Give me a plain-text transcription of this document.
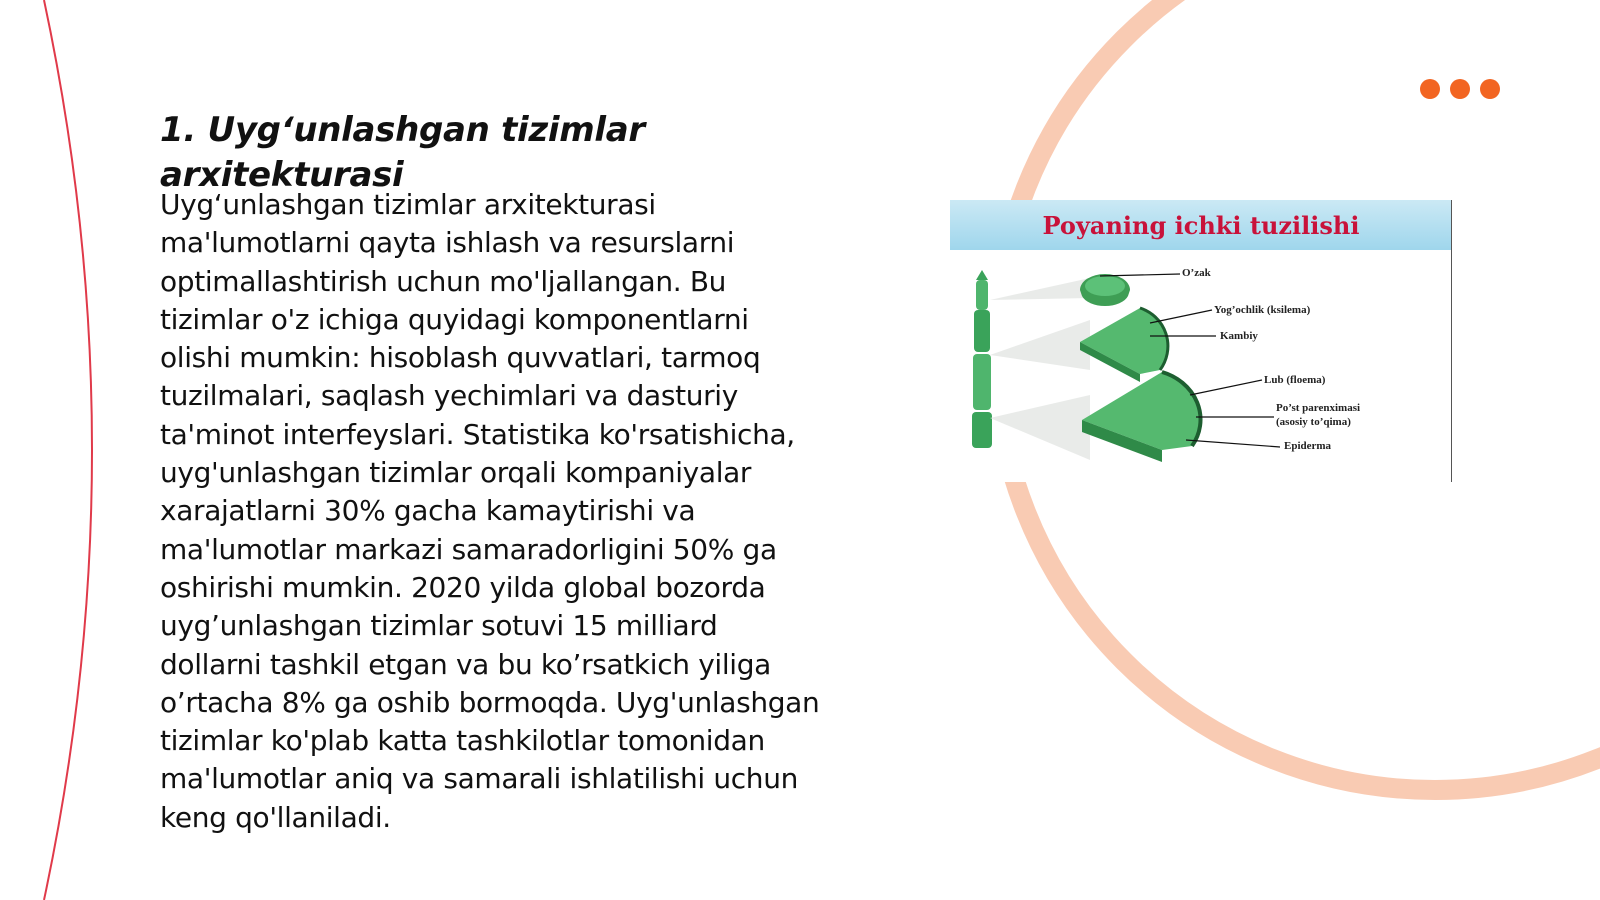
1. Uyg‘unlashgan tizimlar arxitekturasi

Uyg‘unlashgan tizimlar arxitekturasi ma'lumotlarni qayta ishlash va resurslarni optimallashtirish uchun mo'ljallangan. Bu tizimlar o'z ichiga quyidagi komponentlarni olishi mumkin: hisoblash quvvatlari, tarmoq tuzilmalari, saqlash yechimlari va dasturiy ta'minot interfeyslari. Statistika ko'rsatishicha, uyg'unlashgan tizimlar orqali kompaniyalar xarajatlarni 30% gacha kamaytirishi va ma'lumotlar markazi samaradorligini 50% ga oshirishi mumkin. 2020 yilda global bozorda uyg’unlashgan tizimlar sotuvi 15 milliard dollarni tashkil etgan va bu ko’rsatkich yiliga o’rtacha 8% ga oshib bormoqda. Uyg'unlashgan tizimlar ko'plab katta tashkilotlar tomonidan ma'lumotlar aniq va samarali ishlatilishi uchun keng qo'llaniladi.

Poyaning ichki tuzilishi
O’zak
Yog’ochlik (ksilema)
Kambiy
Lub (floema)
Po’st parenximasi
(asosiy to’qima)
Epiderma
